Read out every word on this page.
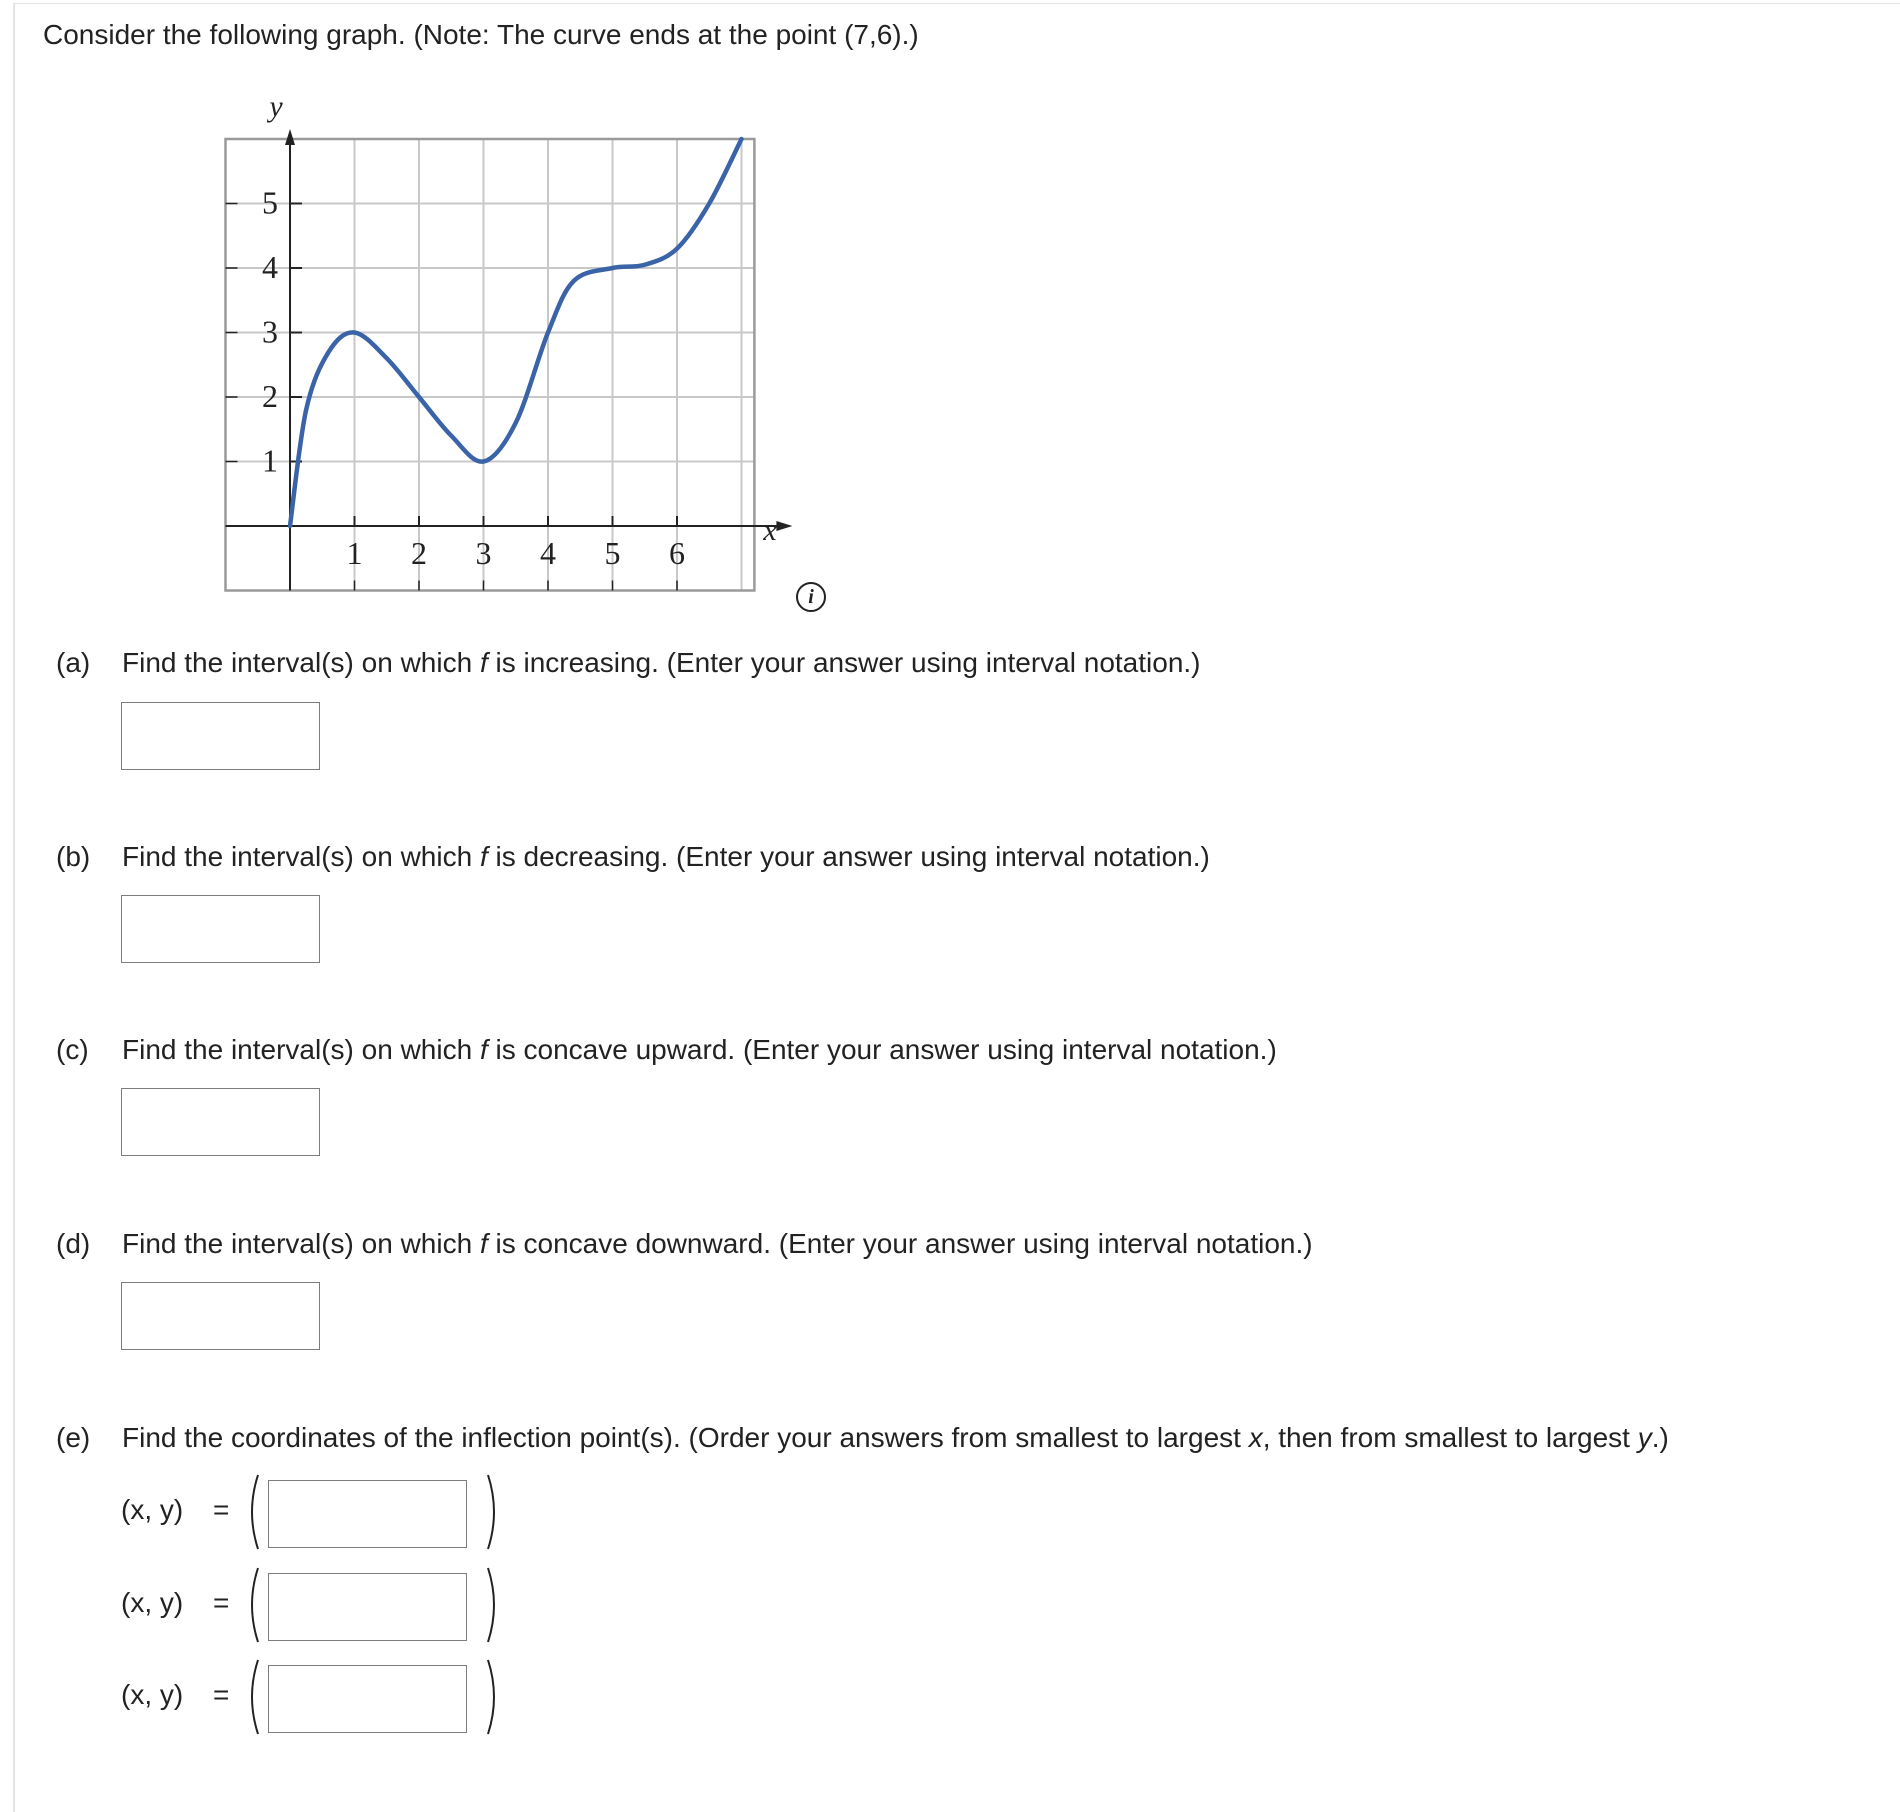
Consider the following graph. (Note: The curve ends at the point (7,6).)
1 2 3 4 5 6
1
2
3
4
5
y
x
i
(a) Find the interval(s) on which f is increasing. (Enter your answer using interval notation.)
(b) Find the interval(s) on which f is decreasing. (Enter your answer using interval notation.)
(c) Find the interval(s) on which f is concave upward. (Enter your answer using interval notation.)
(d) Find the interval(s) on which f is concave downward. (Enter your answer using interval notation.)
(e) Find the coordinates of the inflection point(s). (Order your answers from smallest to largest x, then from smallest to largest y.)
(x, y) =
(x, y) =
(x, y) =
